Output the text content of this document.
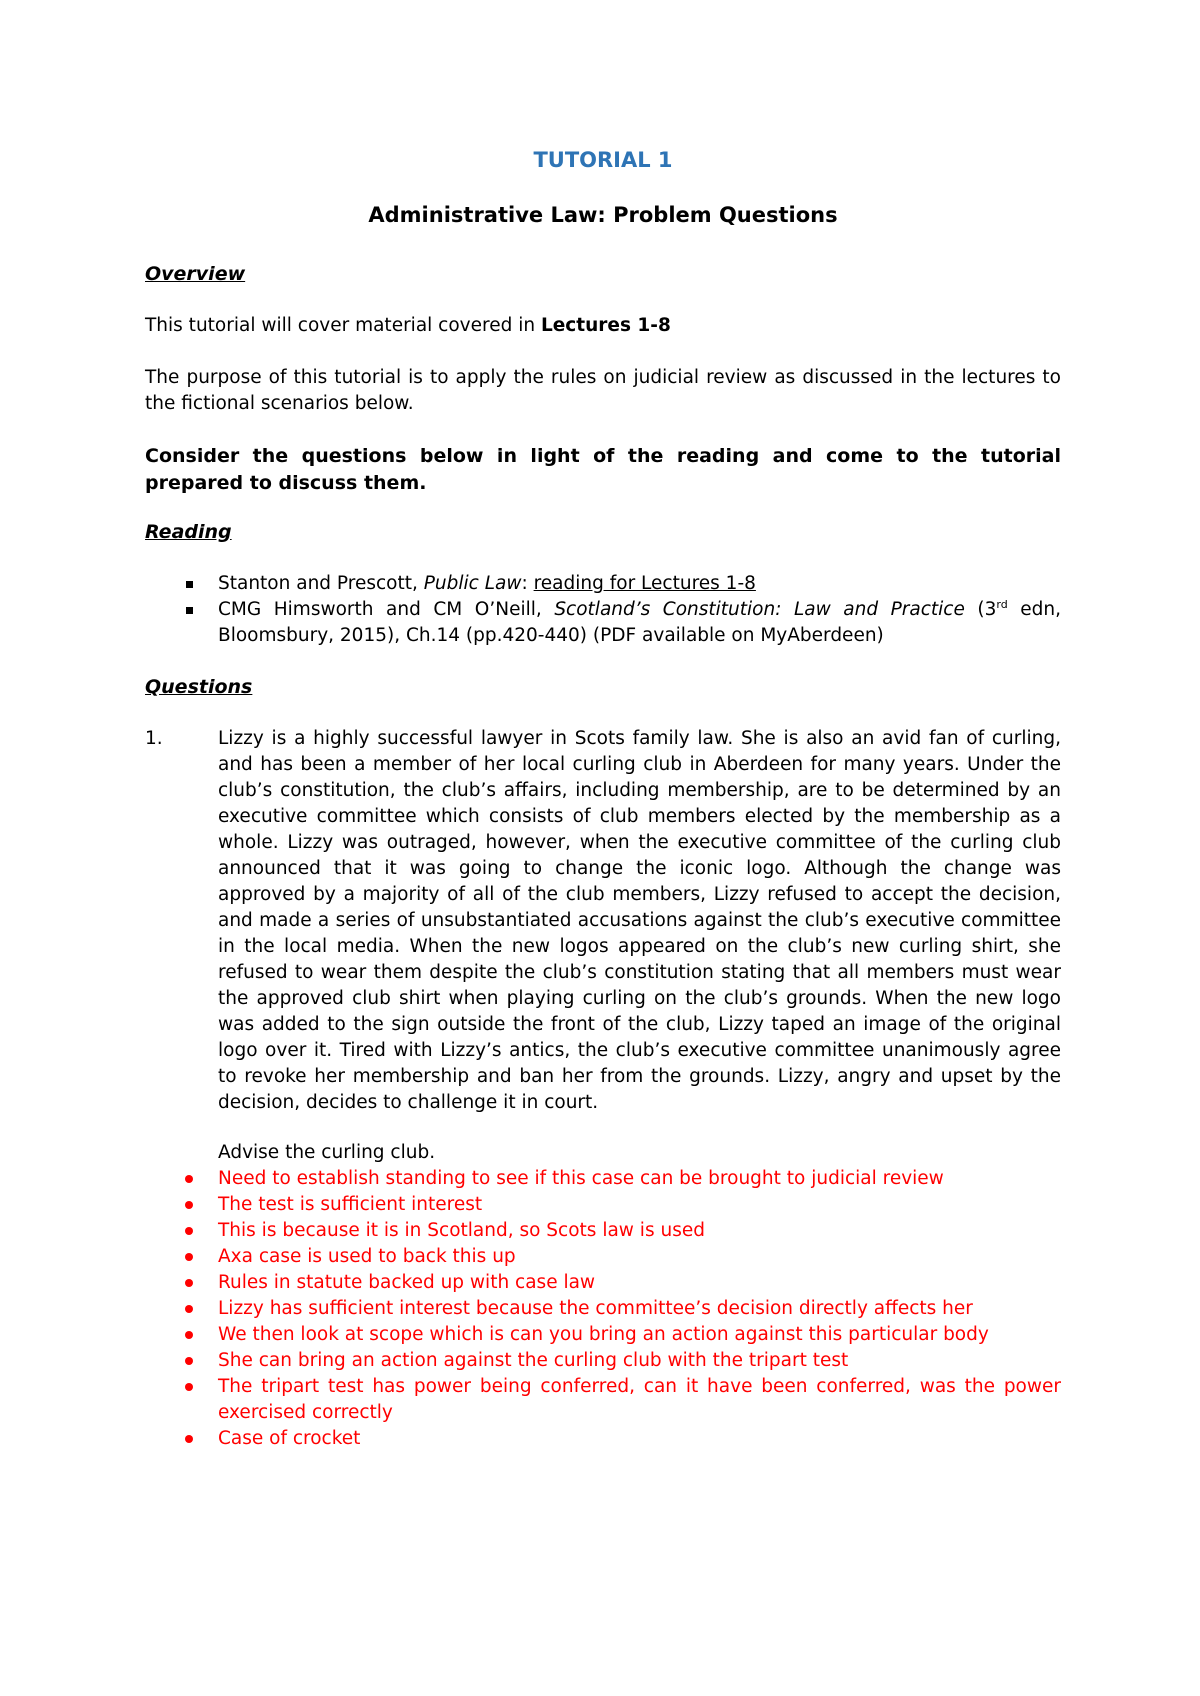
TUTORIAL 1

Administrative Law: Problem Questions

Overview

This tutorial will cover material covered in Lectures 1-8

The purpose of this tutorial is to apply the rules on judicial review as discussed in the lectures to the fictional scenarios below.

Consider the questions below in light of the reading and come to the tutorial prepared to discuss them.

Reading

Stanton and Prescott, Public Law: reading for Lectures 1-8
CMG Himsworth and CM O’Neill, Scotland’s Constitution: Law and Practice (3rd edn, Bloomsbury, 2015), Ch.14 (pp.420-440) (PDF available on MyAberdeen)

Questions

1.	Lizzy is a highly successful lawyer in Scots family law. She is also an avid fan of curling, and has been a member of her local curling club in Aberdeen for many years. Under the club’s constitution, the club’s affairs, including membership, are to be determined by an executive committee which consists of club members elected by the membership as a whole. Lizzy was outraged, however, when the executive committee of the curling club announced that it was going to change the iconic logo. Although the change was approved by a majority of all of the club members, Lizzy refused to accept the decision, and made a series of unsubstantiated accusations against the club’s executive committee in the local media. When the new logos appeared on the club’s new curling shirt, she refused to wear them despite the club’s constitution stating that all members must wear the approved club shirt when playing curling on the club’s grounds. When the new logo was added to the sign outside the front of the club, Lizzy taped an image of the original logo over it. Tired with Lizzy’s antics, the club’s executive committee unanimously agree to revoke her membership and ban her from the grounds. Lizzy, angry and upset by the decision, decides to challenge it in court.

Advise the curling club.

Need to establish standing to see if this case can be brought to judicial review
The test is sufficient interest
This is because it is in Scotland, so Scots law is used
Axa case is used to back this up
Rules in statute backed up with case law
Lizzy has sufficient interest because the committee’s decision directly affects her
We then look at scope which is can you bring an action against this particular body
She can bring an action against the curling club with the tripart test
The tripart test has power being conferred, can it have been conferred, was the power exercised correctly
Case of crocket
